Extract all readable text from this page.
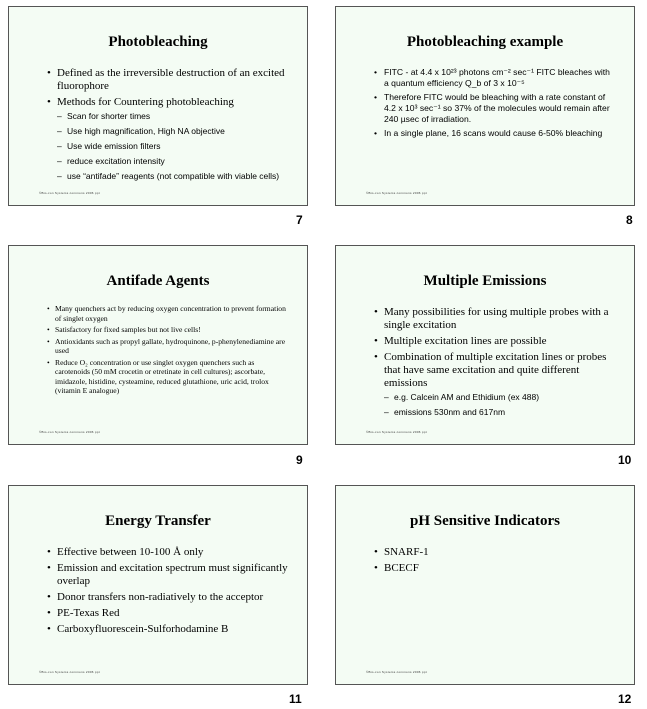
Photobleaching
• Defined as the irreversible destruction of an excited fluorophore
• Methods for Countering photobleaching
– Scan for shorter times
– Use high magnification, High NA objective
– Use wide emission filters
– reduce excitation intensity
– use “antifade” reagents (not compatible with viable cells)
©Bio-con Systems commons 2006 ppt
7
Photobleaching example
• FITC - at 4.4 x 10²³ photons cm⁻² sec⁻¹ FITC bleaches with a quantum efficiency Q_b of 3 x 10⁻⁵
• Therefore FITC would be bleaching with a rate constant of 4.2 x 10³ sec⁻¹ so 37% of the molecules would remain after 240 µsec of irradiation.
• In a single plane, 16 scans would cause 6-50% bleaching
©Bio-con Systems commons 2006 ppt
8
Antifade Agents
• Many quenchers act by reducing oxygen concentration to prevent formation of singlet oxygen
• Satisfactory for fixed samples but not live cells!
• Antioxidants such as propyl gallate, hydroquinone, p-phenylenediamine are used
• Reduce O₂ concentration or use singlet oxygen quenchers such as carotenoids (50 mM crocetin or etretinate in cell cultures); ascorbate, imidazole, histidine, cysteamine, reduced glutathione, uric acid, trolox (vitamin E analogue)
©Bio-con Systems commons 2006 ppt
9
Multiple Emissions
• Many possibilities for using multiple probes with a single excitation
• Multiple excitation lines are possible
• Combination of multiple excitation lines or probes that have same excitation and quite different emissions
– e.g. Calcein AM and Ethidium (ex 488)
– emissions 530nm and 617nm
©Bio-con Systems commons 2006 ppt
10
Energy Transfer
• Effective between 10-100 Å only
• Emission and excitation spectrum must significantly overlap
• Donor transfers non-radiatively to the acceptor
• PE-Texas Red
• Carboxyfluorescein-Sulforhodamine B
©Bio-con Systems commons 2006 ppt
11
pH Sensitive Indicators
• SNARF-1
• BCECF
©Bio-con Systems commons 2006 ppt
12
